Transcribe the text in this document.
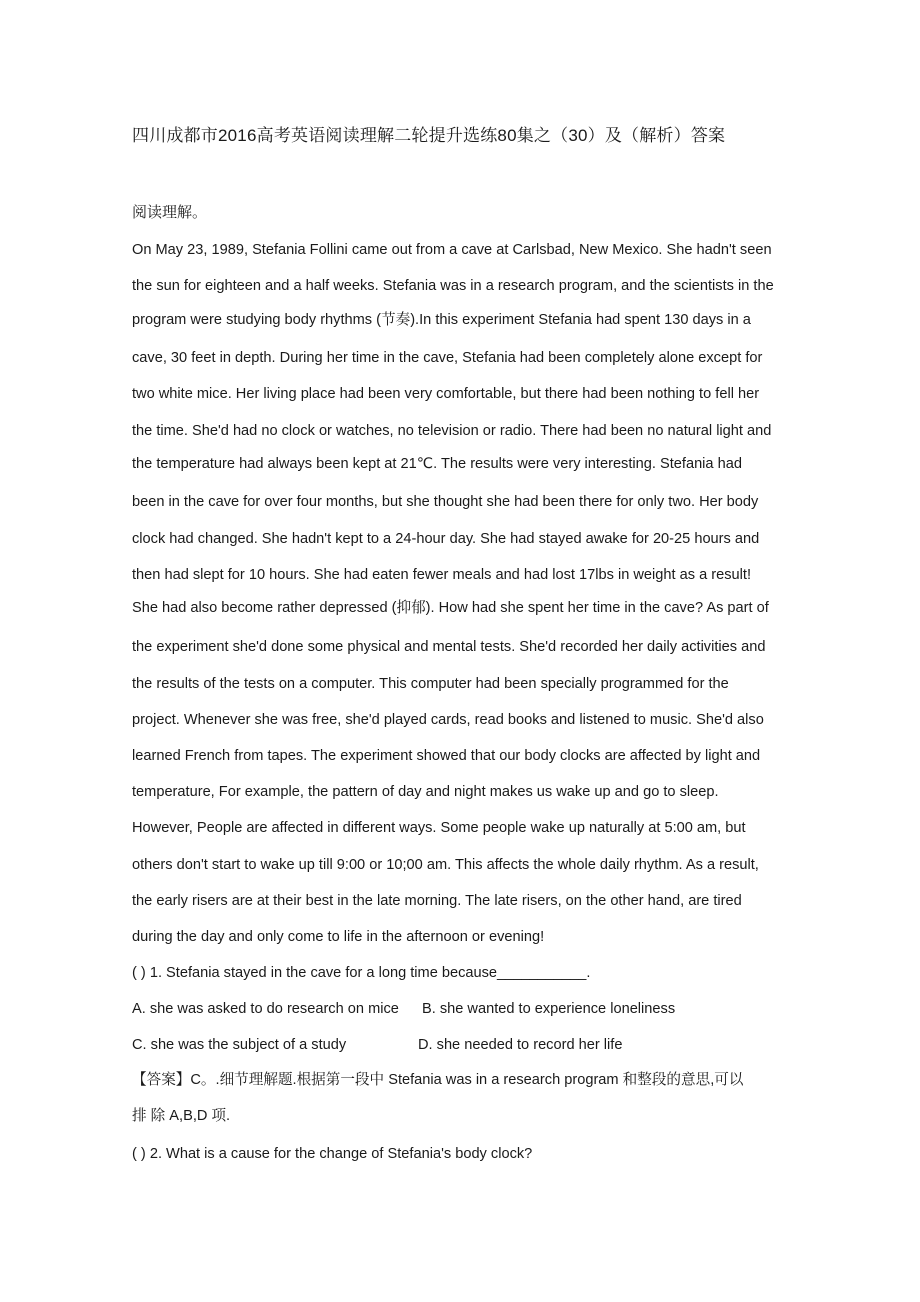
四川成都市2016高考英语阅读理解二轮提升选练80集之（30）及（解析）答案
阅读理解。
On May 23, 1989, Stefania Follini came out from a cave at Carlsbad, New Mexico. She hadn't seen
the sun for eighteen and a half weeks. Stefania was in a research program, and the scientists in the
program were studying body rhythms (节奏).In this experiment Stefania had spent 130 days in a
cave, 30 feet in depth. During her time in the cave, Stefania had been completely alone except for
two white mice. Her living place had been very comfortable, but there had been nothing to fell her
the time. She'd had no clock or watches, no television or radio. There had been no natural light and
the temperature had always been kept at 21℃. The results were very interesting. Stefania had
been in the cave for over four months, but she thought she had been there for only two. Her body
clock had changed. She hadn't kept to a 24-hour day. She had stayed awake for 20-25 hours and
then had slept for 10 hours. She had eaten fewer meals and had lost 17lbs in weight as a result!
She had also become rather depressed (抑郁). How had she spent her time in the cave? As part of
the experiment she'd done some physical and mental tests. She'd recorded her daily activities and
the results of the tests on a computer. This computer had been specially programmed for the
project. Whenever she was free, she'd played cards, read books and listened to music. She'd also
learned French from tapes. The experiment showed that our body clocks are affected by light and
temperature, For example, the pattern of day and night makes us wake up and go to sleep.
However, People are affected in different ways. Some people wake up naturally at 5:00 am, but
others don't start to wake up till 9:00 or 10;00 am. This affects the whole daily rhythm. As a result,
the early risers are at their best in the late morning. The late risers, on the other hand, are tired
during the day and only come to life in the afternoon or evening!
( ) 1. Stefania stayed in the cave for a long time because___________.
A. she was asked to do research on mice B. she wanted to experience loneliness
C. she was the subject of a study	D. she needed to record her life
【答案】C。.细节理解题.根据第一段中 Stefania was in a research program 和整段的意思,可以
排 除 A,B,D 项.
( ) 2. What is a cause for the change of Stefania's body clock?
